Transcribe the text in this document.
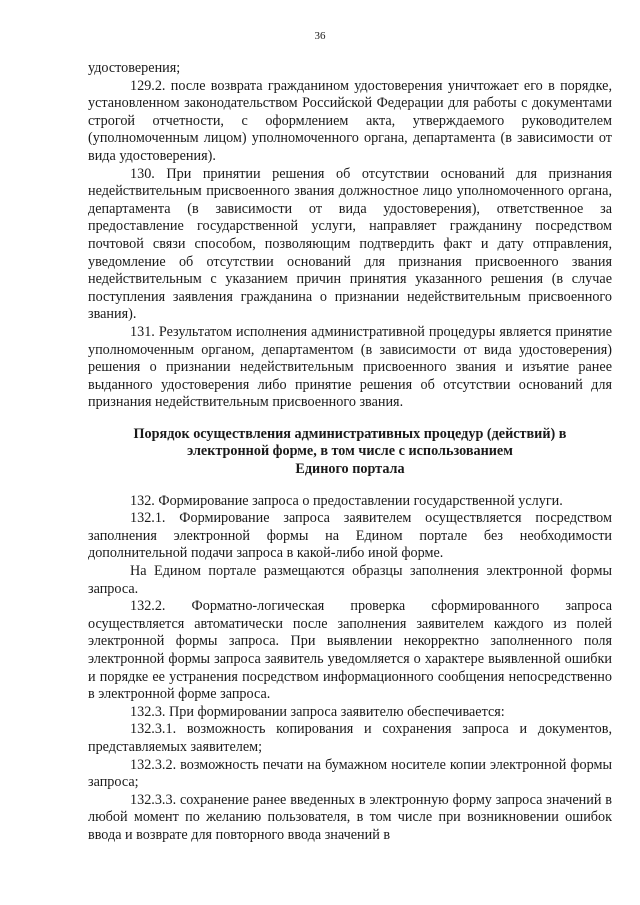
36

удостоверения;

129.2. после возврата гражданином удостоверения уничтожает его в порядке, установленном законодательством Российской Федерации для работы с документами строгой отчетности, с оформлением акта, утверждаемого руководителем (уполномоченным лицом) уполномоченного органа, департамента (в зависимости от вида удостоверения).

130. При принятии решения об отсутствии оснований для признания недействительным присвоенного звания должностное лицо уполномоченного органа, департамента (в зависимости от вида удостоверения), ответственное за предоставление государственной услуги, направляет гражданину посредством почтовой связи способом, позволяющим подтвердить факт и дату отправления, уведомление об отсутствии оснований для признания присвоенного звания недействительным с указанием причин принятия указанного решения (в случае поступления заявления гражданина о признании недействительным присвоенного звания).

131. Результатом исполнения административной процедуры является принятие уполномоченным органом, департаментом (в зависимости от вида удостоверения) решения о признании недействительным присвоенного звания и изъятие ранее выданного удостоверения либо принятие решения об отсутствии оснований для признания недействительным присвоенного звания.

Порядок осуществления административных процедур (действий) в
электронной форме, в том числе с использованием
Единого портала

132. Формирование запроса о предоставлении государственной услуги.

132.1. Формирование запроса заявителем осуществляется посредством заполнения электронной формы на Едином портале без необходимости дополнительной подачи запроса в какой-либо иной форме.

На Едином портале размещаются образцы заполнения электронной формы запроса.

132.2. Форматно-логическая проверка сформированного запроса осуществляется автоматически после заполнения заявителем каждого из полей электронной формы запроса. При выявлении некорректно заполненного поля электронной формы запроса заявитель уведомляется о характере выявленной ошибки и порядке ее устранения посредством информационного сообщения непосредственно в электронной форме запроса.

132.3. При формировании запроса заявителю обеспечивается:

132.3.1. возможность копирования и сохранения запроса и документов, представляемых заявителем;

132.3.2. возможность печати на бумажном носителе копии электронной формы запроса;

132.3.3. сохранение ранее введенных в электронную форму запроса значений в любой момент по желанию пользователя, в том числе при возникновении ошибок ввода и возврате для повторного ввода значений в
